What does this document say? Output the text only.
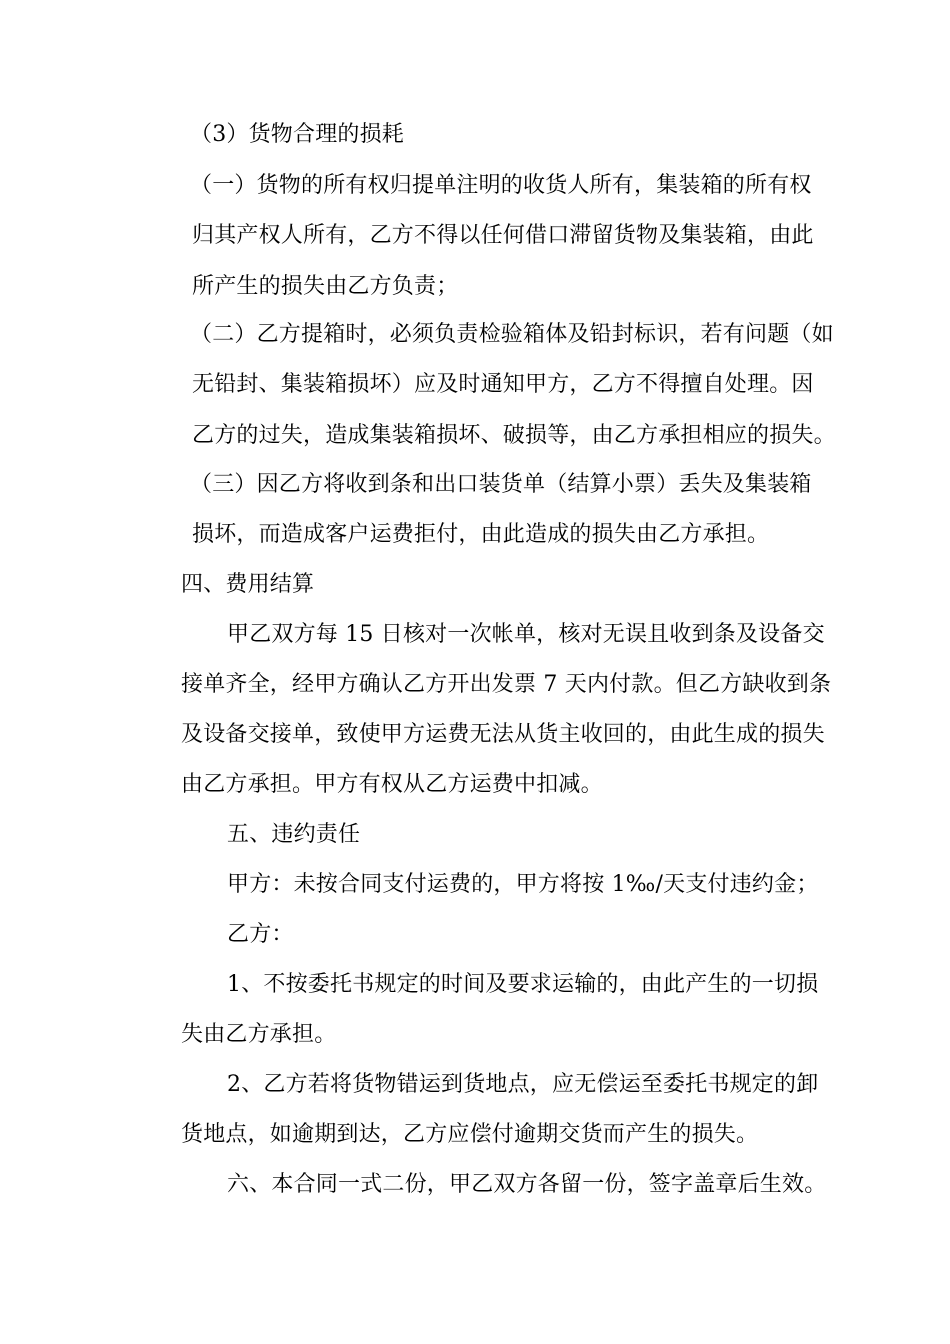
（3）货物合理的损耗
（一）货物的所有权归提单注明的收货人所有，集装箱的所有权
归其产权人所有，乙方不得以任何借口滞留货物及集装箱，由此
所产生的损失由乙方负责；
（二）乙方提箱时，必须负责检验箱体及铅封标识，若有问题（如
无铅封、集装箱损坏）应及时通知甲方，乙方不得擅自处理。因
乙方的过失，造成集装箱损坏、破损等，由乙方承担相应的损失。
（三）因乙方将收到条和出口装货单（结算小票）丢失及集装箱
损坏，而造成客户运费拒付，由此造成的损失由乙方承担。
四、费用结算
甲乙双方每 15 日核对一次帐单，核对无误且收到条及设备交
接单齐全，经甲方确认乙方开出发票 7 天内付款。但乙方缺收到条
及设备交接单，致使甲方运费无法从货主收回的，由此生成的损失
由乙方承担。甲方有权从乙方运费中扣减。
五、违约责任
甲方：未按合同支付运费的，甲方将按 1‰/天支付违约金；
乙方：
1、不按委托书规定的时间及要求运输的，由此产生的一切损
失由乙方承担。
2、乙方若将货物错运到货地点，应无偿运至委托书规定的卸
货地点，如逾期到达，乙方应偿付逾期交货而产生的损失。
六、本合同一式二份，甲乙双方各留一份，签字盖章后生效。
